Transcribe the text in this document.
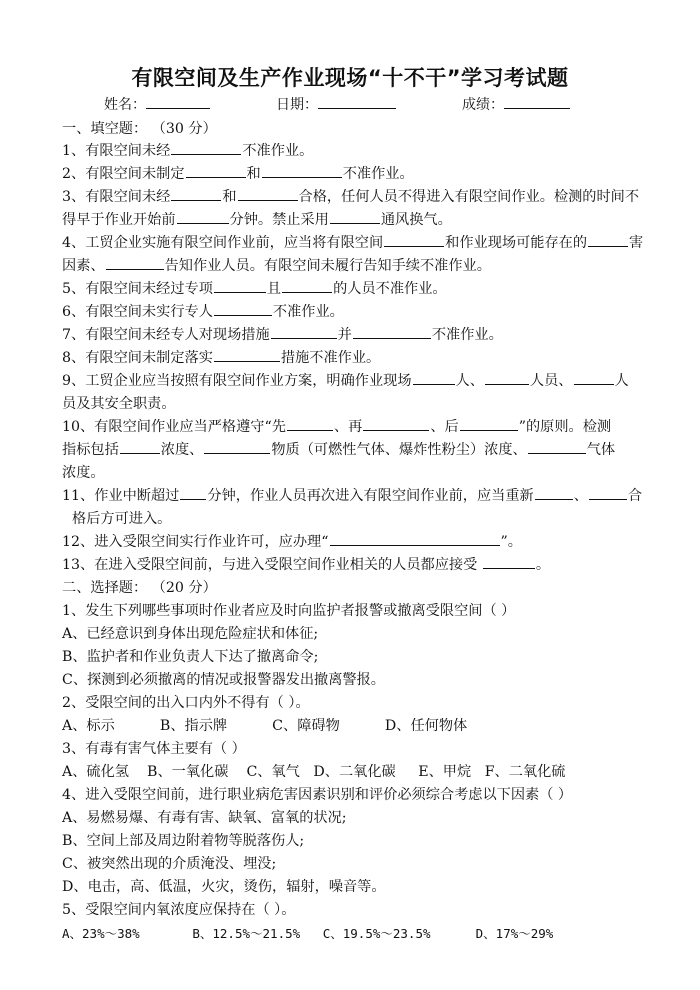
有限空间及生产作业现场“十不干”学习考试题
姓名：	日期：	成绩：
一、填空题： （30 分）
1、有限空间未经	不准作业。
2、有限空间未制定	和	不准作业。
3、有限空间未经	和	合格，任何人员不得进入有限空间作业。检测的时间不
得早于作业开始前	分钟。禁止采用	通风换气。
4、工贸企业实施有限空间作业前，应当将有限空间	和作业现场可能存在的	害
因素、	告知作业人员。有限空间未履行告知手续不准作业。
5、有限空间未经过专项	且	的人员不准作业。
6、有限空间未实行专人	不准作业。
7、有限空间未经专人对现场措施	并	不准作业。
8、有限空间未制定落实	措施不准作业。
9、工贸企业应当按照有限空间作业方案，明确作业现场	人、	人员、	人
员及其安全职责。
10、有限空间作业应当严格遵守“先	、再	、后	”的原则。检测
指标包括	浓度、	物质（可燃性气体、爆炸性粉尘）浓度、	气体
浓度。
11、作业中断超过 分钟，作业人员再次进入有限空间作业前，应当重新	、	合
格后方可进入。
12、进入受限空间实行作业许可，应办理“	”。
13、在进入受限空间前，与进入受限空间作业相关的人员都应接受	。
二、选择题： （20 分）
1、发生下列哪些事项时作业者应及时向监护者报警或撤离受限空间（ ）
A、已经意识到身体出现危险症状和体征;
B、监护者和作业负责人下达了撤离命令;
C、探测到必须撤离的情况或报警器发出撤离警报。
2、受限空间的出入口内外不得有（ ）。
A、标示          B、指示牌          C、障碍物          D、任何物体
3、有毒有害气体主要有（ ）
A、硫化氢    B、一氧化碳    C、氧气   D、二氧化碳     E、甲烷   F、二氧化硫
4、进入受限空间前，进行职业病危害因素识别和评价必须综合考虑以下因素（ ）
A、易燃易爆、有毒有害、缺氧、富氧的状况;
B、空间上部及周边附着物等脱落伤人;
C、被突然出现的介质淹没、埋没;
D、电击，高、低温，火灾，烫伤，辐射，噪音等。
5、受限空间内氧浓度应保持在（ ）。
A、23%～38%       B、12.5%～21.5%   C、19.5%～23.5%      D、17%～29%
